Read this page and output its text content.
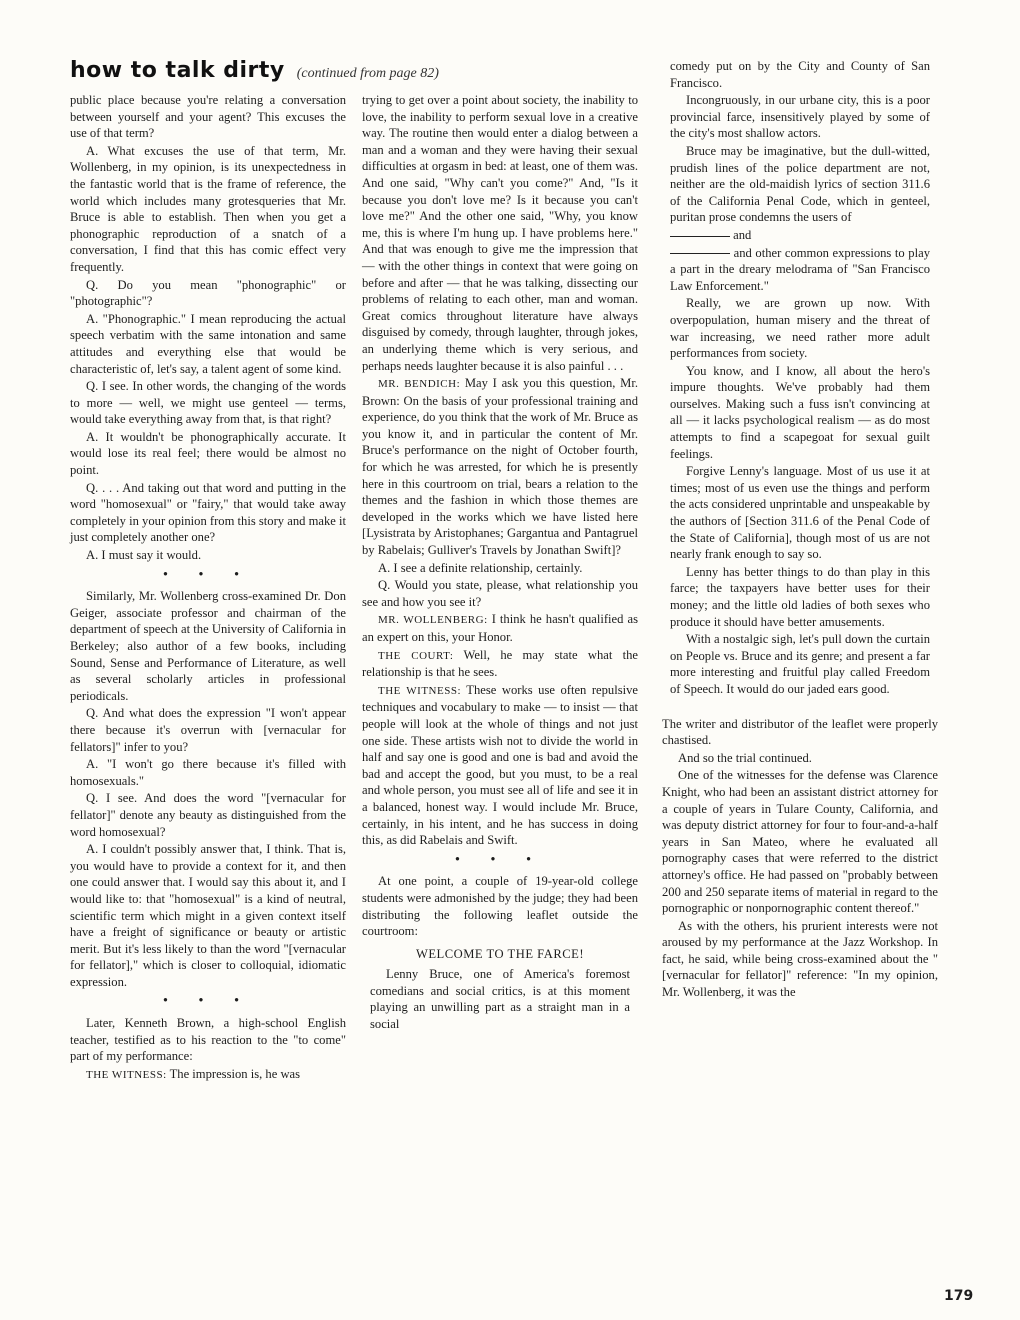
how to talk dirty (continued from page 82)

public place because you're relating a conversation between yourself and your agent? This excuses the use of that term?

A. What excuses the use of that term, Mr. Wollenberg, in my opinion, is its unexpectedness in the fantastic world that is the frame of reference, the world which includes many grotesqueries that Mr. Bruce is able to establish. Then when you get a phonographic reproduction of a snatch of a conversation, I find that this has comic effect very frequently.

Q. Do you mean "phonographic" or "photographic"?

A. "Phonographic." I mean reproducing the actual speech verbatim with the same intonation and same attitudes and everything else that would be characteristic of, let's say, a talent agent of some kind.

Q. I see. In other words, the changing of the words to more — well, we might use genteel — terms, would take everything away from that, is that right?

A. It wouldn't be phonographically accurate. It would lose its real feel; there would be almost no point.

Q. . . . And taking out that word and putting in the word "homosexual" or "fairy," that would take away completely in your opinion from this story and make it just completely another one?

A. I must say it would.

• • •

Similarly, Mr. Wollenberg cross-examined Dr. Don Geiger, associate professor and chairman of the department of speech at the University of California in Berkeley; also author of a few books, including Sound, Sense and Performance of Literature, as well as several scholarly articles in professional periodicals.

Q. And what does the expression "I won't appear there because it's overrun with [vernacular for fellators]" infer to you?

A. "I won't go there because it's filled with homosexuals."

Q. I see. And does the word "[vernacular for fellator]" denote any beauty as distinguished from the word homosexual?

A. I couldn't possibly answer that, I think. That is, you would have to provide a context for it, and then one could answer that. I would say this about it, and I would like to: that "homosexual" is a kind of neutral, scientific term which might in a given context itself have a freight of significance or beauty or artistic merit. But it's less likely to than the word "[vernacular for fellator]," which is closer to colloquial, idiomatic expression.

• • •

Later, Kenneth Brown, a high-school English teacher, testified as to his reaction to the "to come" part of my performance:

THE WITNESS: The impression is, he was

trying to get over a point about society, the inability to love, the inability to perform sexual love in a creative way. The routine then would enter a dialog between a man and a woman and they were having their sexual difficulties at orgasm in bed: at least, one of them was. And one said, "Why can't you come?" And, "Is it because you don't love me? Is it because you can't love me?" And the other one said, "Why, you know me, this is where I'm hung up. I have problems here." And that was enough to give me the impression that — with the other things in context that were going on before and after — that he was talking, dissecting our problems of relating to each other, man and woman. Great comics throughout literature have always disguised by comedy, through laughter, through jokes, an underlying theme which is very serious, and perhaps needs laughter because it is also painful . . .

MR. BENDICH: May I ask you this question, Mr. Brown: On the basis of your professional training and experience, do you think that the work of Mr. Bruce as you know it, and in particular the content of Mr. Bruce's performance on the night of October fourth, for which he was arrested, for which he is presently here in this courtroom on trial, bears a relation to the themes and the fashion in which those themes are developed in the works which we have listed here [Lysistrata by Aristophanes; Gargantua and Pantagruel by Rabelais; Gulliver's Travels by Jonathan Swift]?

A. I see a definite relationship, certainly.

Q. Would you state, please, what relationship you see and how you see it?

MR. WOLLENBERG: I think he hasn't qualified as an expert on this, your Honor.

THE COURT: Well, he may state what the relationship is that he sees.

THE WITNESS: These works use often repulsive techniques and vocabulary to make — to insist — that people will look at the whole of things and not just one side. These artists wish not to divide the world in half and say one is good and one is bad and avoid the bad and accept the good, but you must, to be a real and whole person, you must see all of life and see it in a balanced, honest way. I would include Mr. Bruce, certainly, in his intent, and he has success in doing this, as did Rabelais and Swift.

• • •

At one point, a couple of 19-year-old college students were admonished by the judge; they had been distributing the following leaflet outside the courtroom:

WELCOME TO THE FARCE!

Lenny Bruce, one of America's foremost comedians and social critics, is at this moment playing an unwilling part as a straight man in a social

comedy put on by the City and County of San Francisco.

Incongruously, in our urbane city, this is a poor provincial farce, insensitively played by some of the city's most shallow actors.

Bruce may be imaginative, but the dull-witted, prudish lines of the police department are not, neither are the old-maidish lyrics of section 311.6 of the California Penal Code, which in genteel, puritan prose condemns the users of

and

and other common expressions to play a part in the dreary melodrama of "San Francisco Law Enforcement."

Really, we are grown up now. With overpopulation, human misery and the threat of war increasing, we need rather more adult performances from society.

You know, and I know, all about the hero's impure thoughts. We've probably had them ourselves. Making such a fuss isn't convincing at all — it lacks psychological realism — as do most attempts to find a scapegoat for sexual guilt feelings.

Forgive Lenny's language. Most of us use it at times; most of us even use the things and perform the acts considered unprintable and unspeakable by the authors of [Section 311.6 of the Penal Code of the State of California], though most of us are not nearly frank enough to say so.

Lenny has better things to do than play in this farce; the taxpayers have better uses for their money; and the little old ladies of both sexes who produce it should have better amusements.

With a nostalgic sigh, let's pull down the curtain on People vs. Bruce and its genre; and present a far more interesting and fruitful play called Freedom of Speech. It would do our jaded ears good.

The writer and distributor of the leaflet were properly chastised.

And so the trial continued.

One of the witnesses for the defense was Clarence Knight, who had been an assistant district attorney for a couple of years in Tulare County, California, and was deputy district attorney for four to four-and-a-half years in San Mateo, where he evaluated all pornography cases that were referred to the district attorney's office. He had passed on "probably between 200 and 250 separate items of material in regard to the pornographic or nonpornographic content thereof."

As with the others, his prurient interests were not aroused by my performance at the Jazz Workshop. In fact, he said, while being cross-examined about the "[vernacular for fellator]" reference: "In my opinion, Mr. Wollenberg, it was the

179
